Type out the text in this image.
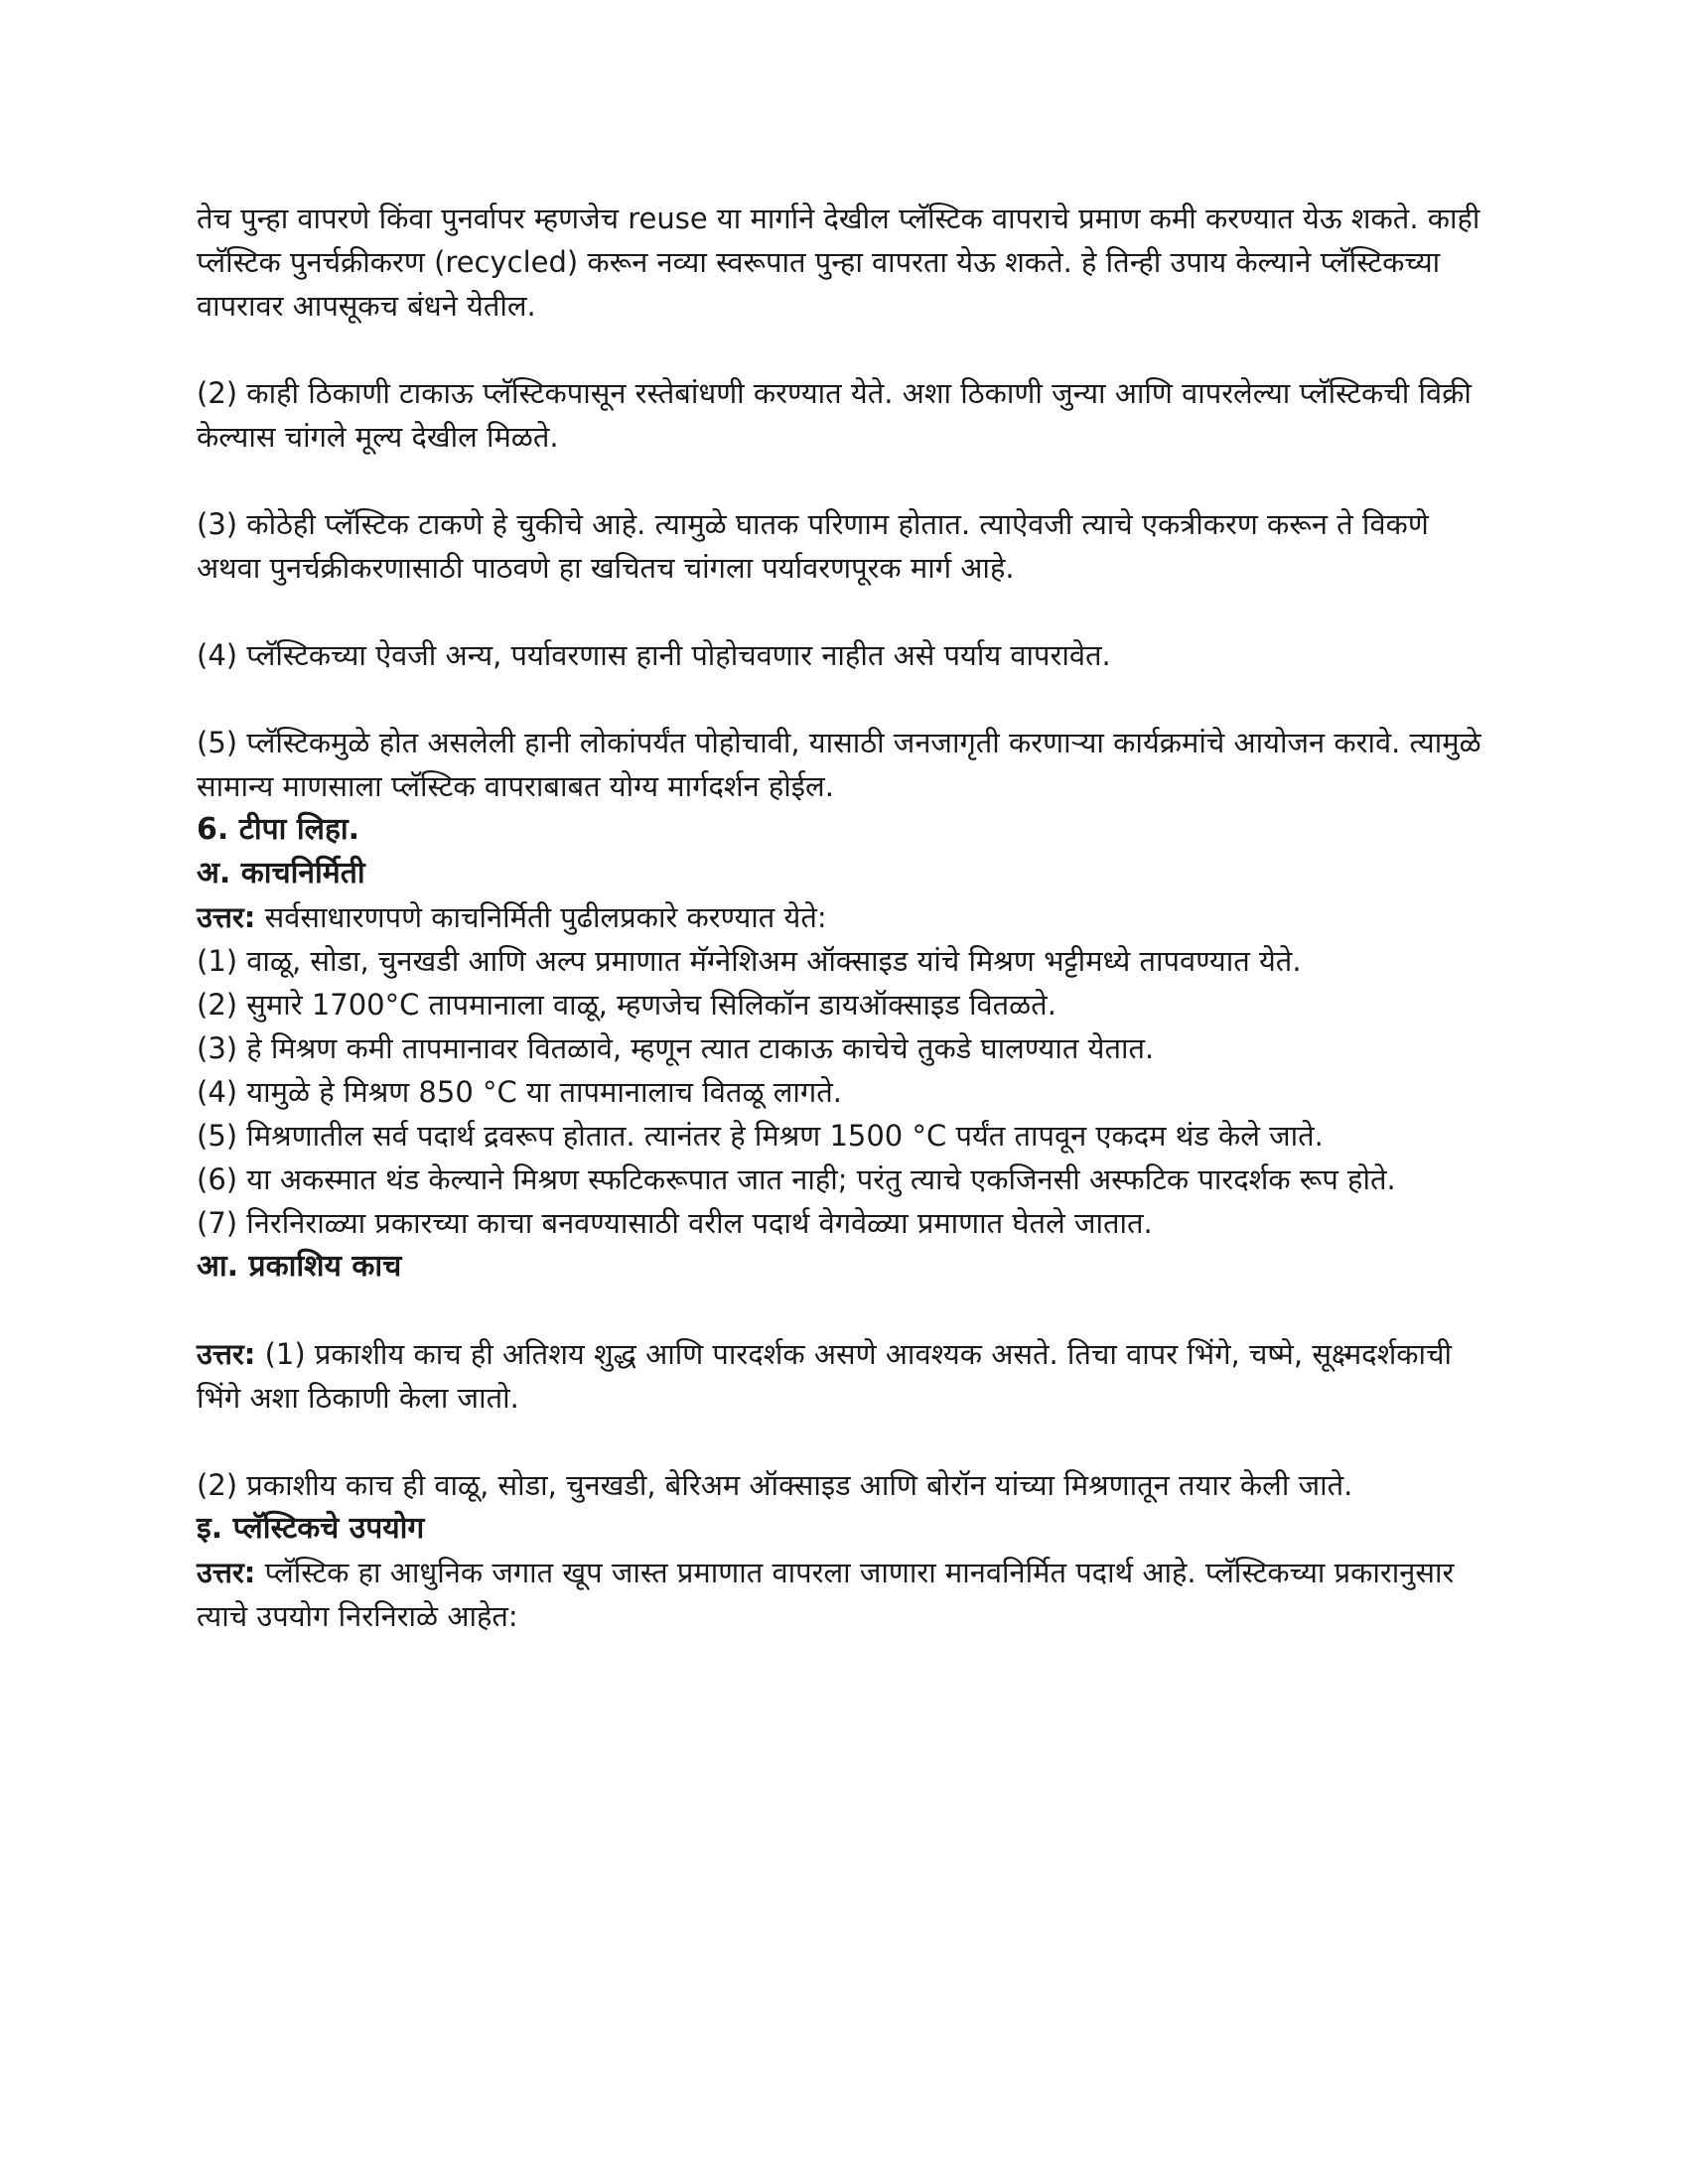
तेच पुन्हा वापरणे किंवा पुनर्वापर म्हणजेच reuse या मार्गाने देखील प्लॅस्टिक वापराचे प्रमाण कमी करण्यात येऊ शकते. काही प्लॅस्टिक पुनर्चक्रीकरण (recycled) करून नव्या स्वरूपात पुन्हा वापरता येऊ शकते. हे तिन्ही उपाय केल्याने प्लॅस्टिकच्या वापरावर आपसूकच बंधने येतील.

(2) काही ठिकाणी टाकाऊ प्लॅस्टिकपासून रस्तेबांधणी करण्यात येते. अशा ठिकाणी जुन्या आणि वापरलेल्या प्लॅस्टिकची विक्री केल्यास चांगले मूल्य देखील मिळते.

(3) कोठेही प्लॅस्टिक टाकणे हे चुकीचे आहे. त्यामुळे घातक परिणाम होतात. त्याऐवजी त्याचे एकत्रीकरण करून ते विकणे अथवा पुनर्चक्रीकरणासाठी पाठवणे हा खचितच चांगला पर्यावरणपूरक मार्ग आहे.

(4) प्लॅस्टिकच्या ऐवजी अन्य, पर्यावरणास हानी पोहोचवणार नाहीत असे पर्याय वापरावेत.

(5) प्लॅस्टिकमुळे होत असलेली हानी लोकांपर्यंत पोहोचावी, यासाठी जनजागृती करणाऱ्या कार्यक्रमांचे आयोजन करावे. त्यामुळे सामान्य माणसाला प्लॅस्टिक वापराबाबत योग्य मार्गदर्शन होईल.

6. टीपा लिहा.

अ. काचनिर्मिती

उत्तर: सर्वसाधारणपणे काचनिर्मिती पुढीलप्रकारे करण्यात येते:

(1) वाळू, सोडा, चुनखडी आणि अल्प प्रमाणात मॅग्नेशिअम ऑक्साइड यांचे मिश्रण भट्टीमध्ये तापवण्यात येते.

(2) सुमारे 1700°C तापमानाला वाळू, म्हणजेच सिलिकॉन डायऑक्साइड वितळते.

(3) हे मिश्रण कमी तापमानावर वितळावे, म्हणून त्यात टाकाऊ काचेचे तुकडे घालण्यात येतात.

(4) यामुळे हे मिश्रण 850 °C या तापमानालाच वितळू लागते.

(5) मिश्रणातील सर्व पदार्थ द्रवरूप होतात. त्यानंतर हे मिश्रण 1500 °C पर्यंत तापवून एकदम थंड केले जाते.

(6) या अकस्मात थंड केल्याने मिश्रण स्फटिकरूपात जात नाही; परंतु त्याचे एकजिनसी अस्फटिक पारदर्शक रूप होते.

(7) निरनिराळ्या प्रकारच्या काचा बनवण्यासाठी वरील पदार्थ वेगवेळ्या प्रमाणात घेतले जातात.

आ. प्रकाशिय काच

उत्तर: (1) प्रकाशीय काच ही अतिशय शुद्ध आणि पारदर्शक असणे आवश्यक असते. तिचा वापर भिंगे, चष्मे, सूक्ष्मदर्शकाची भिंगे अशा ठिकाणी केला जातो.

(2) प्रकाशीय काच ही वाळू, सोडा, चुनखडी, बेरिअम ऑक्साइड आणि बोरॉन यांच्या मिश्रणातून तयार केली जाते.

इ. प्लॅस्टिकचे उपयोग

उत्तर: प्लॅस्टिक हा आधुनिक जगात खूप जास्त प्रमाणात वापरला जाणारा मानवनिर्मित पदार्थ आहे. प्लॅस्टिकच्या प्रकारानुसार त्याचे उपयोग निरनिराळे आहेत:
